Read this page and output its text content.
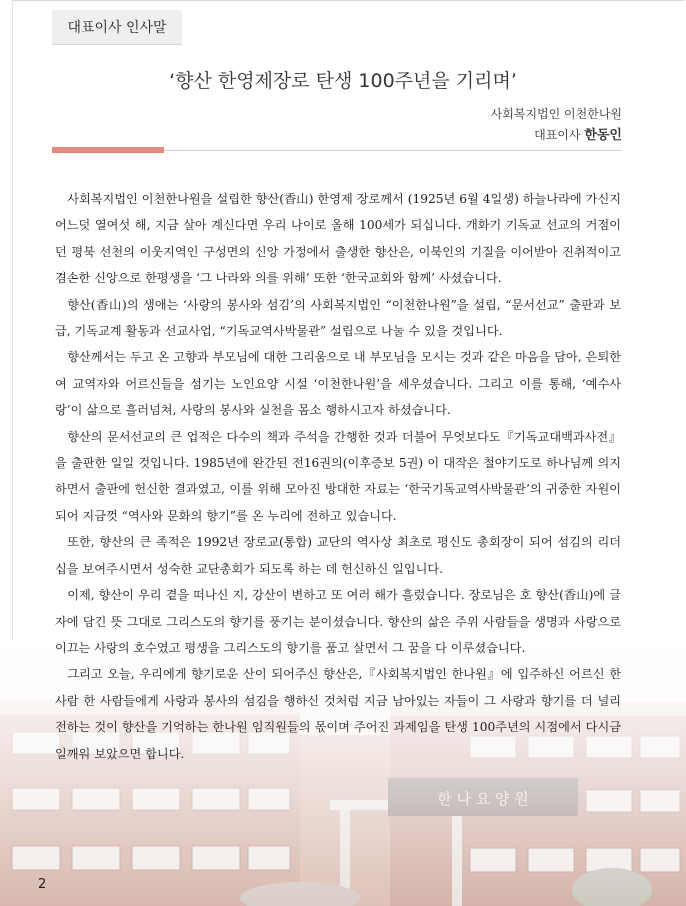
대표이사 인사말
‘향산 한영제장로 탄생 100주년을 기리며’
사회복지법인 이천한나원
대표이사 한동인

사회복지법인 이천한나원을 설립한 향산(香山) 한영제 장로께서 (1925년 6월 4일생) 하늘나라에 가신지 어느덧 열여섯 해, 지금 살아 계신다면 우리 나이로 올해 100세가 되십니다. 개화기 기독교 선교의 거점이던 평북 선천의 이웃지역인 구성면의 신앙 가정에서 출생한 향산은, 이북인의 기질을 이어받아 진취적이고 겸손한 신앙으로 한평생을 ‘그 나라와 의를 위해’ 또한 ‘한국교회와 함께’ 사셨습니다.

향산(香山)의 생애는 ‘사랑의 봉사와 섬김’의 사회복지법인 “이천한나원”을 설립, “문서선교” 출판과 보급, 기독교계 활동과 선교사업, “기독교역사박물관” 설립으로 나눌 수 있을 것입니다.

향산께서는 두고 온 고향과 부모님에 대한 그리움으로 내 부모님을 모시는 것과 같은 마음을 담아, 은퇴한 여 교역자와 어르신들을 섬기는 노인요양 시설 ‘이천한나원’을 세우셨습니다. 그리고 이를 통해, ‘예수사랑’이 삶으로 흘러넘쳐, 사랑의 봉사와 실천을 몸소 행하시고자 하셨습니다.

향산의 문서선교의 큰 업적은 다수의 책과 주석을 간행한 것과 더불어 무엇보다도『기독교대백과사전』을 출판한 일일 것입니다. 1985년에 완간된 전16권의(이후증보 5권) 이 대작은 철야기도로 하나님께 의지하면서 출판에 헌신한 결과였고, 이를 위해 모아진 방대한 자료는 ‘한국기독교역사박물관’의 귀중한 자원이 되어 지금껏 “역사와 문화의 향기”를 온 누리에 전하고 있습니다.

또한, 향산의 큰 족적은 1992년 장로교(통합) 교단의 역사상 최초로 평신도 총회장이 되어 섬김의 리더십을 보여주시면서 성숙한 교단총회가 되도록 하는 데 헌신하신 일입니다.

이제, 향산이 우리 곁을 떠나신 지, 강산이 변하고 또 여러 해가 흘렀습니다. 장로님은 호 향산(香山)에 글자에 담긴 뜻 그대로 그리스도의 향기를 풍기는 분이셨습니다. 향산의 삶은 주위 사람들을 생명과 사랑으로 이끄는 사랑의 호수였고 평생을 그리스도의 향기를 품고 살면서 그 꿈을 다 이루셨습니다.

그리고 오늘, 우리에게 향기로운 산이 되어주신 향산은,『사회복지법인 한나원』에 입주하신 어르신 한 사람 한 사람들에게 사랑과 봉사의 섬김을 행하신 것처럼 지금 남아있는 자들이 그 사랑과 향기를 더 널리 전하는 것이 향산을 기억하는 한나원 임직원들의 몫이며 주어진 과제임을 탄생 100주년의 시점에서 다시금 일깨워 보았으면 합니다.

2
